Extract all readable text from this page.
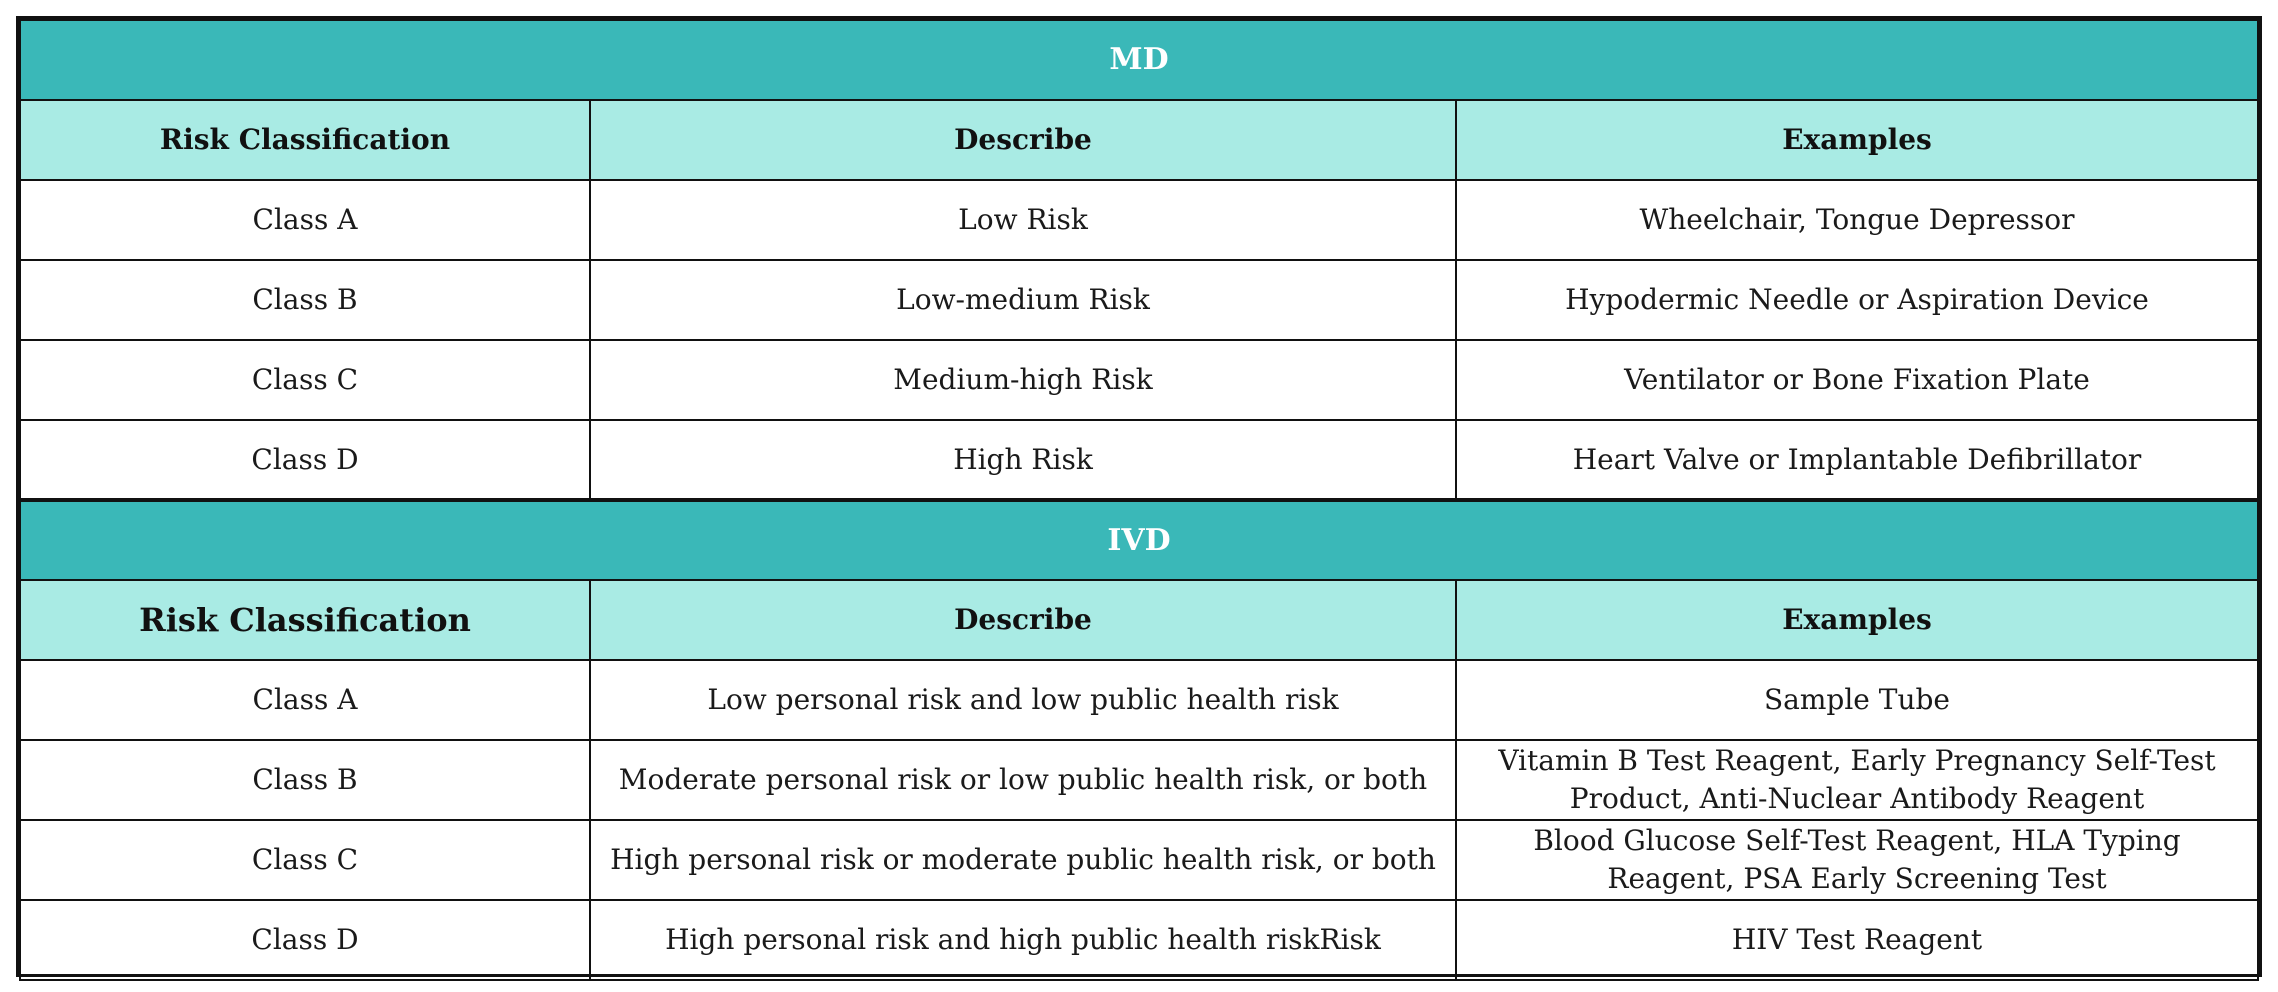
MD		
Risk Classification	Describe	Examples
Class A	Low Risk	Wheelchair, Tongue Depressor
Class B	Low-medium Risk	Hypodermic Needle or Aspiration Device
Class C	Medium-high Risk	Ventilator or Bone Fixation Plate
Class D	High Risk	Heart Valve or Implantable Defibrillator
IVD		
Risk Classification	Describe	Examples
Class A	Low personal risk and low public health risk	Sample Tube
Class B	Moderate personal risk or low public health risk, or both	Vitamin B Test Reagent, Early Pregnancy Self-Test Product, Anti-Nuclear Antibody Reagent
Class C	High personal risk or moderate public health risk, or both	Blood Glucose Self-Test Reagent, HLA Typing Reagent, PSA Early Screening Test
Class D	High personal risk and high public health riskRisk	HIV Test Reagent
